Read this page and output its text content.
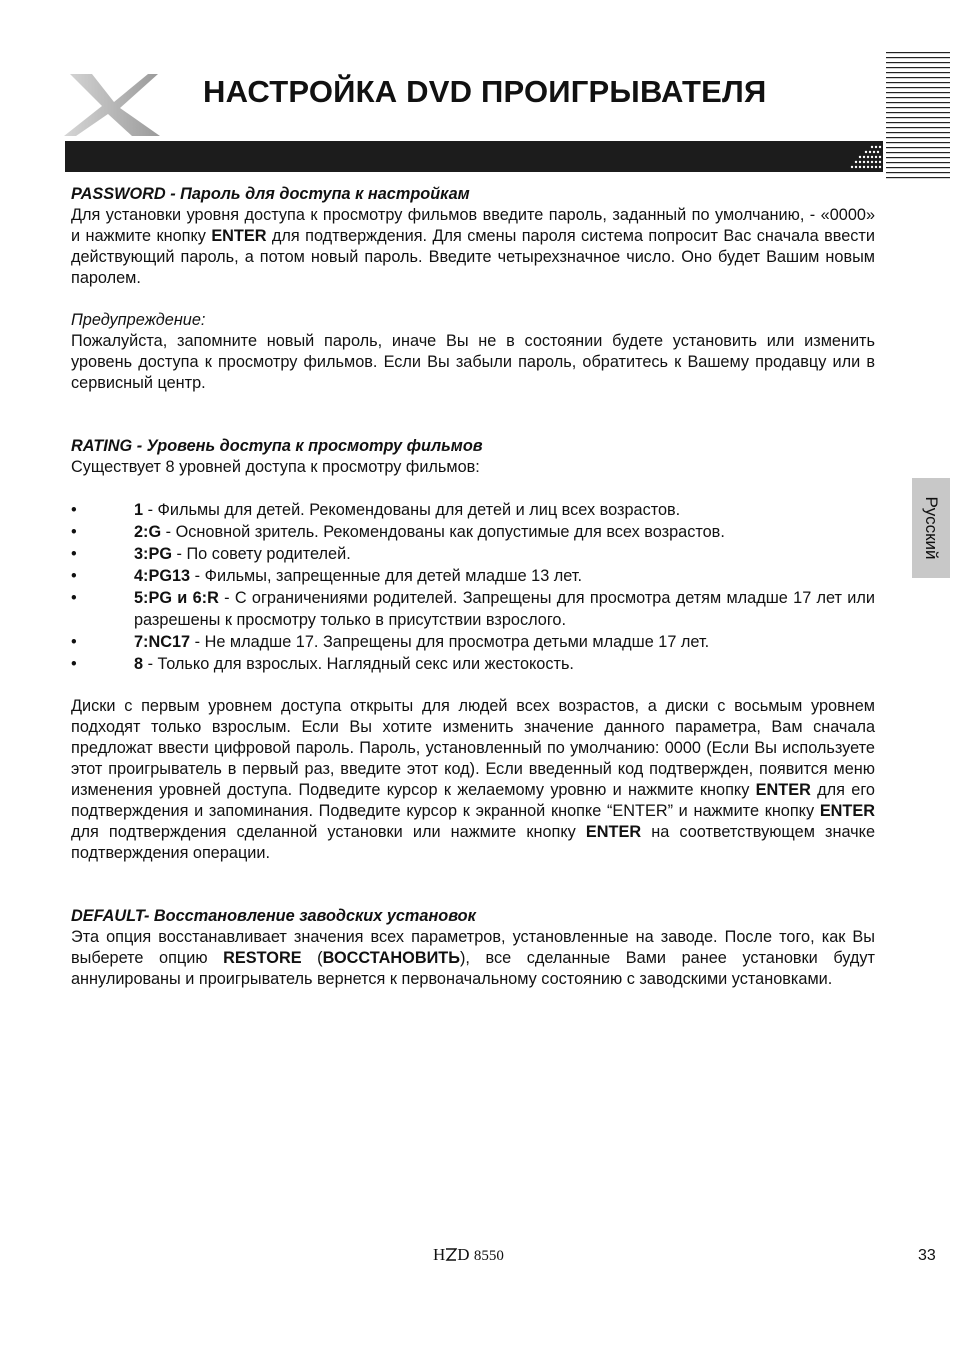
НАСТРОЙКА DVD ПРОИГРЫВАТЕЛЯ
Русский
PASSWORD - Пароль для доступа к настройкам

Для установки уровня доступа к просмотру фильмов введите пароль, заданный по умолчанию, - «0000» и нажмите кнопку ENTER для подтверждения. Для смены пароля система попросит Вас сначала ввести действующий пароль, а потом новый пароль. Введите четырехзначное число. Оно будет Вашим новым паролем.

Предупреждение:

Пожалуйста, запомните новый пароль, иначе Вы не в состоянии будете установить или изменить уровень доступа к просмотру фильмов. Если Вы забыли пароль, обратитесь к Вашему продавцу или в сервисный центр.

RATING - Уровень доступа к просмотру фильмов

Существует 8 уровней доступа к просмотру фильмов:

•	1 - Фильмы для детей. Рекомендованы для детей и лиц всех возрастов.
•	2:G - Основной зритель. Рекомендованы как допустимые для всех возрастов.
•	3:PG - По совету родителей.
•	4:PG13 - Фильмы, запрещенные для детей младше 13 лет.
•	5:PG и 6:R - С ограничениями родителей. Запрещены для просмотра детям младше 17 лет или разрешены к просмотру только в присутствии взрослого.
•	7:NC17 - Не младше 17. Запрещены для просмотра детьми младше 17 лет.
•	8 - Только для взрослых. Наглядный секс или жестокость.

Диски с первым уровнем доступа открыты для людей всех возрастов, а диски с восьмым уровнем подходят только взрослым. Если Вы хотите изменить значение данного параметра, Вам сначала предложат ввести цифровой пароль. Пароль, установленный по умолчанию: 0000 (Если Вы используете этот проигрыватель в первый раз, введите этот код). Если введенный код подтвержден, появится меню изменения уровней доступа. Подведите курсор к желаемому уровню и нажмите кнопку ENTER для его подтверждения и запоминания. Подведите курсор к экранной кнопке “ENTER” и нажмите кнопку ENTER для подтверждения сделанной установки или нажмите кнопку ENTER на соответствующем значке подтверждения операции.

DEFAULT- Восстановление заводских установок

Эта опция восстанавливает значения всех параметров, установленные на заводе. После того, как Вы выберете опцию RESTORE (ВОССТАНОВИТЬ), все сделанные Вами ранее установки будут аннулированы и проигрыватель вернется к первоначальному состоянию с заводскими установками.

H D 8550	33
